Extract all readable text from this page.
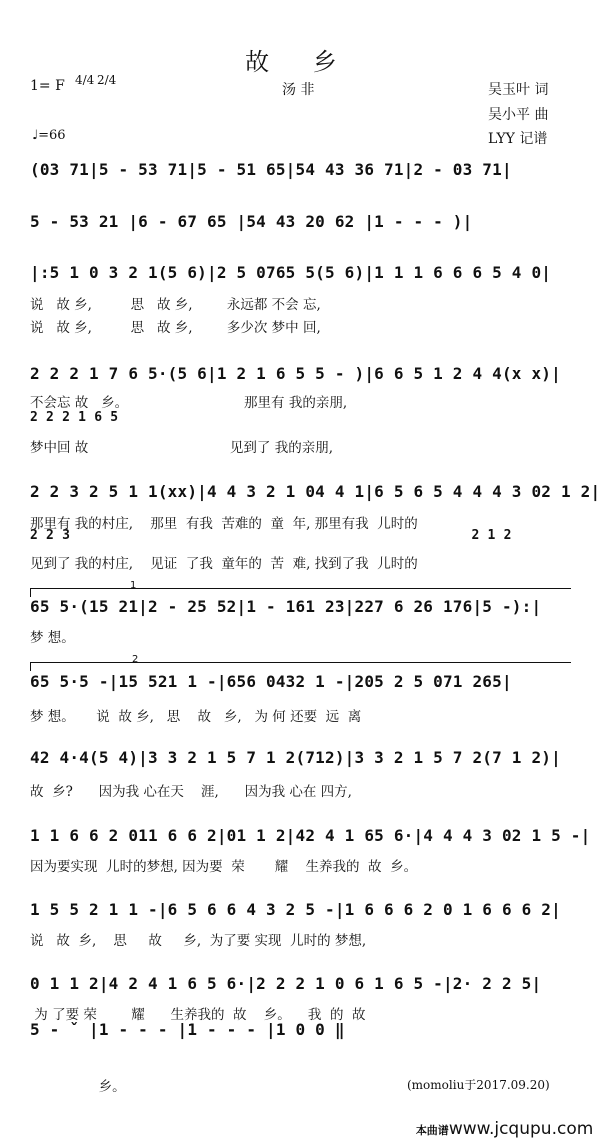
故 乡
1= F 4/4 2/4
汤 非	吴玉叶 词
吴小平 曲
♩=66	LYY 记谱
(03 71|5 - 53 71|5 - 51 65|54 43 36 71|2 - 03 71|
5 - 53 21 |6 - 67 65 |54 43 20 62 |1 - - - )|
|:5 1 0 3 2 1(5 6)|2 5 0765 5(5 6)|1 1 1 6 6 6 5 4 0|
说   故 乡,         思   故 乡,        永远都 不会 忘,
说   故 乡,         思   故 乡,        多少次 梦中 回,
2 2 2 1 7 6 5·(5 6|1 2 1 6 5 5 - )|6 6 5 1 2 4 4(x x)|
不会忘 故   乡。                           那里有 我的亲朋,
2 2 2 1 6 5
梦中回 故                                 见到了 我的亲朋,
2 2 3 2 5 1 1(xx)|4 4 3 2 1 04 4 1|6 5 6 5 4 4 4 3 02 1 2|
那里有 我的村庄,    那里  有我  苦难的  童  年, 那里有我  儿时的
2 2 3                                                  2 1 2
见到了 我的村庄,    见证  了我  童年的  苦  难, 找到了我  儿时的
1
65 5·(15 21|2 - 25 52|1 - 161 23|227 6 26 176|5 -):|
梦 想。
2
65 5·5 -|15 521 1 -|656 0432 1 -|205 2 5 071 265|
梦 想。     说  故 乡,   思    故   乡,   为 何 还要  远  离
42 4·4(5 4)|3 3 2 1 5 7 1 2(712)|3 3 2 1 5 7 2(7 1 2)|
故  乡?      因为我 心在天    涯,      因为我 心在 四方,
1 1 6 6 2 011 6 6 2|01 1 2|42 4 1 65 6·|4 4 4 3 02 1 5 -|
因为要实现  儿时的梦想, 因为要  荣       耀    生养我的  故  乡。
1 5 5 2 1 1 -|6 5 6 6 4 3 2 5 -|1 6 6 6 2 0 1 6 6 6 2|
说   故  乡,    思     故     乡,  为了要 实现  儿时的 梦想,
0 1 1 2|4 2 4 1 6 5 6·|2 2 2 1 0 6 1 6 5 -|2· 2 2 5|
为 了要 荣        耀      生养我的  故    乡。    我  的  故
5 - ˇ |1 - - - |1 - - - |1 0 0 ‖
乡。	(momoliu于2017.09.20)

本曲谱www.jcqupu.com
